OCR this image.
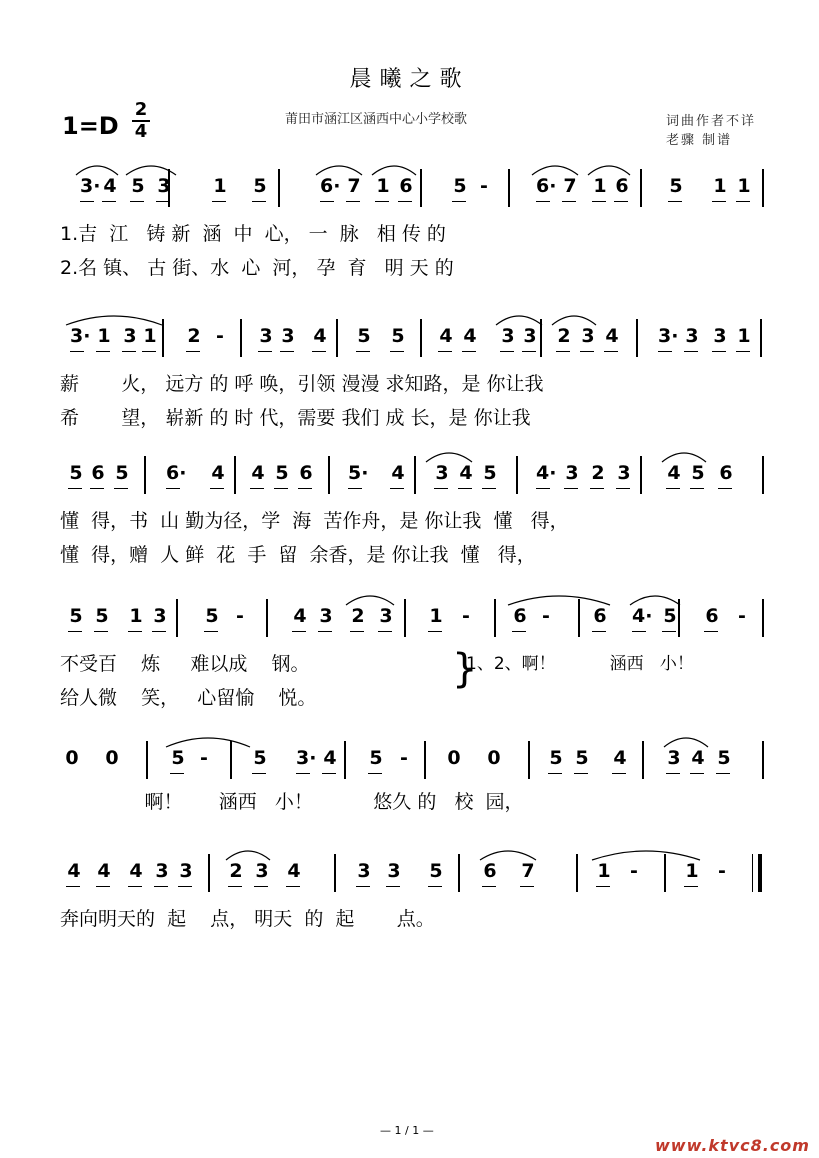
晨曦之歌
1=D
2
4
莆田市涵江区涵西中心小学校歌	词曲作者不详
老骤 制谱
3· 4 5 3 1 5	6· 7 1 6 5 -	6· 7 1 6 5 1 1
1.吉  江   铸 新  涵  中  心， 一  脉   相 传 的
2.名 镇、 古 街、水  心  河， 孕  育   明 天 的
3· 1 3 1 2 - 3 3 4 5 5 4 4 3 3 2 3 4 3· 3 3 1
薪       火， 远方 的 呼 唤，引领 漫漫 求知路，是 你让我
希       望， 崭新 的 时 代，需要 我们 成 长，是 你让我
5 6 5 6· 4 4 5 6 5· 4 3 4 5 4· 3 2 3 4 5 6
懂  得，书  山 勤为径，学  海  苦作舟，是 你让我  懂   得，
懂  得，赠  人 鲜  花  手  留  余香，是 你让我  懂   得，
5 5 1 3 5 -	4 3 2 3 1 - 6 - 6 4· 5 6 -
不受百    炼     难以成    钢。
给人微    笑，   心留愉    悦。
1、2、啊！          涵西   小！
}
0 0	5 - 5 3· 4 5 - 0 0	5 5 4 3 4 5
啊！      涵西   小！          悠久 的   校  园，
4 4 4 3 3 2 3 4	3 3 5 6 7	1 - 1 -
奔向明天的  起    点， 明天  的  起       点。
— 1 / 1 —
www.ktvc8.com
